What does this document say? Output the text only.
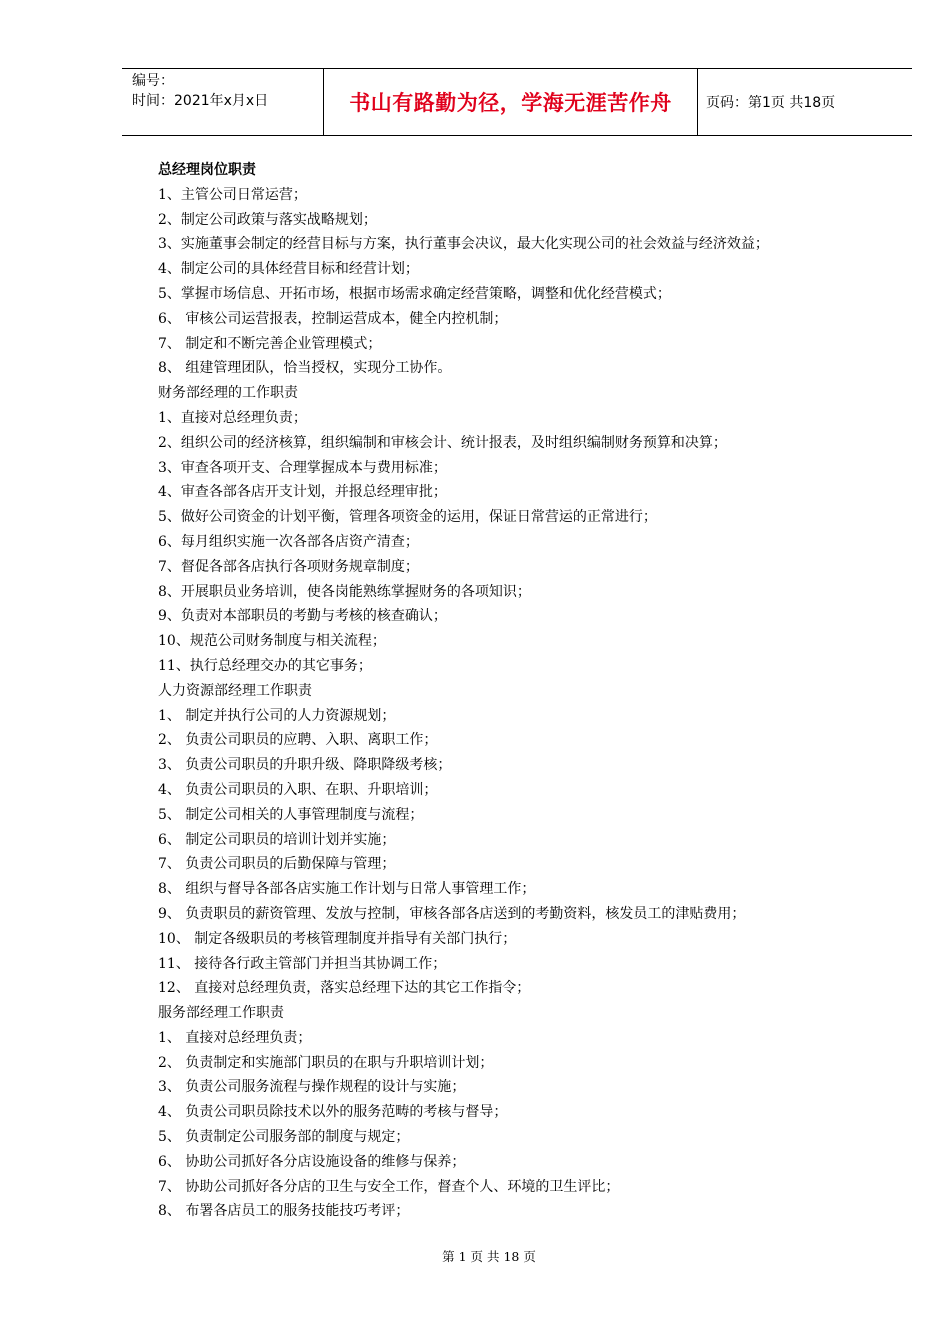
编号：
时间：2021年x月x日	书山有路勤为径，学海无涯苦作舟	页码：第1页 共18页
总经理岗位职责
1、主管公司日常运营；
2、制定公司政策与落实战略规划；
3、实施董事会制定的经营目标与方案，执行董事会决议，最大化实现公司的社会效益与经济效益；
4、制定公司的具体经营目标和经营计划；
5、掌握市场信息、开拓市场，根据市场需求确定经营策略，调整和优化经营模式；
6、 审核公司运营报表，控制运营成本，健全内控机制；
7、 制定和不断完善企业管理模式；
8、 组建管理团队，恰当授权，实现分工协作。
财务部经理的工作职责
1、直接对总经理负责；
2、组织公司的经济核算，组织编制和审核会计、统计报表，及时组织编制财务预算和决算；
3、审查各项开支、合理掌握成本与费用标准；
4、审查各部各店开支计划，并报总经理审批；
5、做好公司资金的计划平衡，管理各项资金的运用，保证日常营运的正常进行；
6、每月组织实施一次各部各店资产清查；
7、督促各部各店执行各项财务规章制度；
8、开展职员业务培训，使各岗能熟练掌握财务的各项知识；
9、负责对本部职员的考勤与考核的核查确认；
10、规范公司财务制度与相关流程；
11、执行总经理交办的其它事务；
人力资源部经理工作职责
1、 制定并执行公司的人力资源规划；
2、 负责公司职员的应聘、入职、离职工作；
3、 负责公司职员的升职升级、降职降级考核；
4、 负责公司职员的入职、在职、升职培训；
5、 制定公司相关的人事管理制度与流程；
6、 制定公司职员的培训计划并实施；
7、 负责公司职员的后勤保障与管理；
8、 组织与督导各部各店实施工作计划与日常人事管理工作；
9、 负责职员的薪资管理、发放与控制，审核各部各店送到的考勤资料，核发员工的津贴费用；
10、 制定各级职员的考核管理制度并指导有关部门执行；
11、 接待各行政主管部门并担当其协调工作；
12、 直接对总经理负责，落实总经理下达的其它工作指令；
服务部经理工作职责
1、 直接对总经理负责；
2、 负责制定和实施部门职员的在职与升职培训计划；
3、 负责公司服务流程与操作规程的设计与实施；
4、 负责公司职员除技术以外的服务范畴的考核与督导；
5、 负责制定公司服务部的制度与规定；
6、 协助公司抓好各分店设施设备的维修与保养；
7、 协助公司抓好各分店的卫生与安全工作，督查个人、环境的卫生评比；
8、 布署各店员工的服务技能技巧考评；
第 1 页 共 18 页
